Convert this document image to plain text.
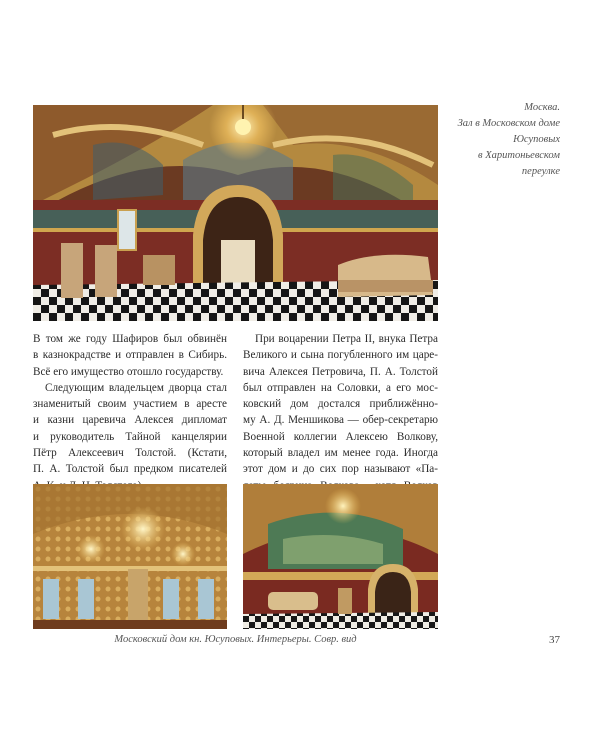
Москва.
Зал в Московском доме
Юсуповых
в Харитоньевском
переулке
В том же году Шафиров был обвинён
в казнокрадстве и отправлен в Сибирь.
Всё его имущество отошло государству.
Следующим владельцем дворца стал
знаменитый своим участием в аресте
и казни царевича Алексея дипломат
и руководитель Тайной канцелярии
Пётр Алексеевич Толстой. (Кстати,
П. А. Толстой был предком писателей
При воцарении Петра II, внука Петра
Великого и сына погубленного им царе-
вича Алексея Петровича, П. А. Толстой
был отправлен на Соловки, а его мос-
ковский дом достался приближённо-
му А. Д. Меншикова — обер-секретарю
Военной коллегии Алексею Волкову,
который владел им менее года. Иногда
этот дом и до сих пор называют «Па-
Московский дом кн. Юсуповых. Интерьеры. Совр. вид	37
